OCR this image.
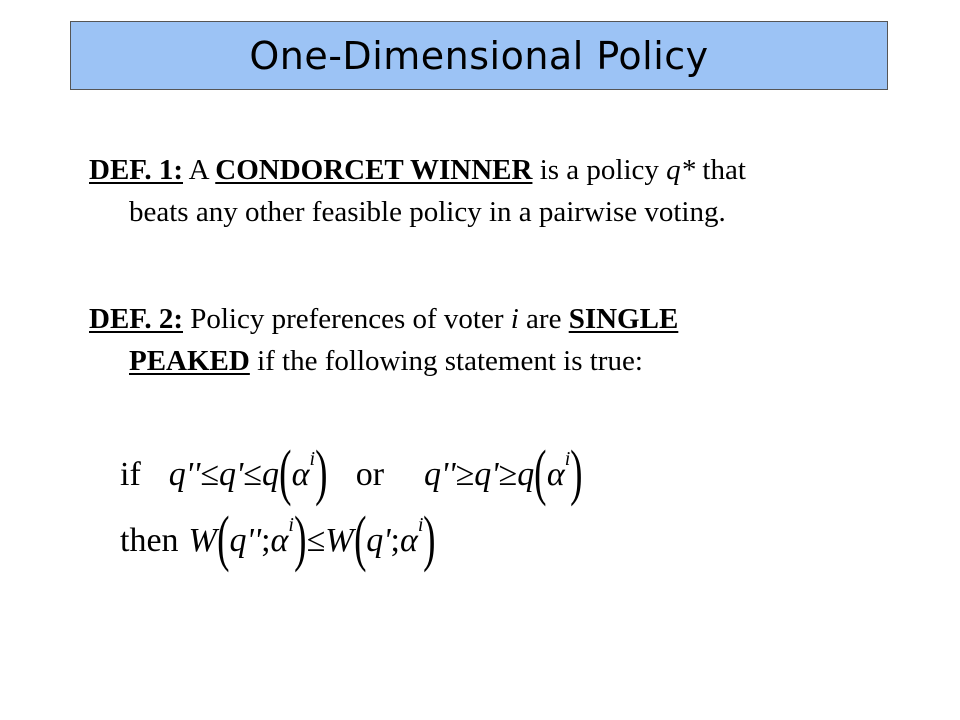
One-Dimensional Policy
DEF. 1: A CONDORCET WINNER is a policy q* that
beats any other feasible policy in a pairwise voting.
DEF. 2: Policy preferences of voter i are SINGLE
PEAKED if the following statement is true:
if q'' ≤ q' ≤ q ( α i ) or q'' ≥ q' ≥ q ( α i )
then W ( q'' ; α i ) ≤ W ( q' ; α i )
